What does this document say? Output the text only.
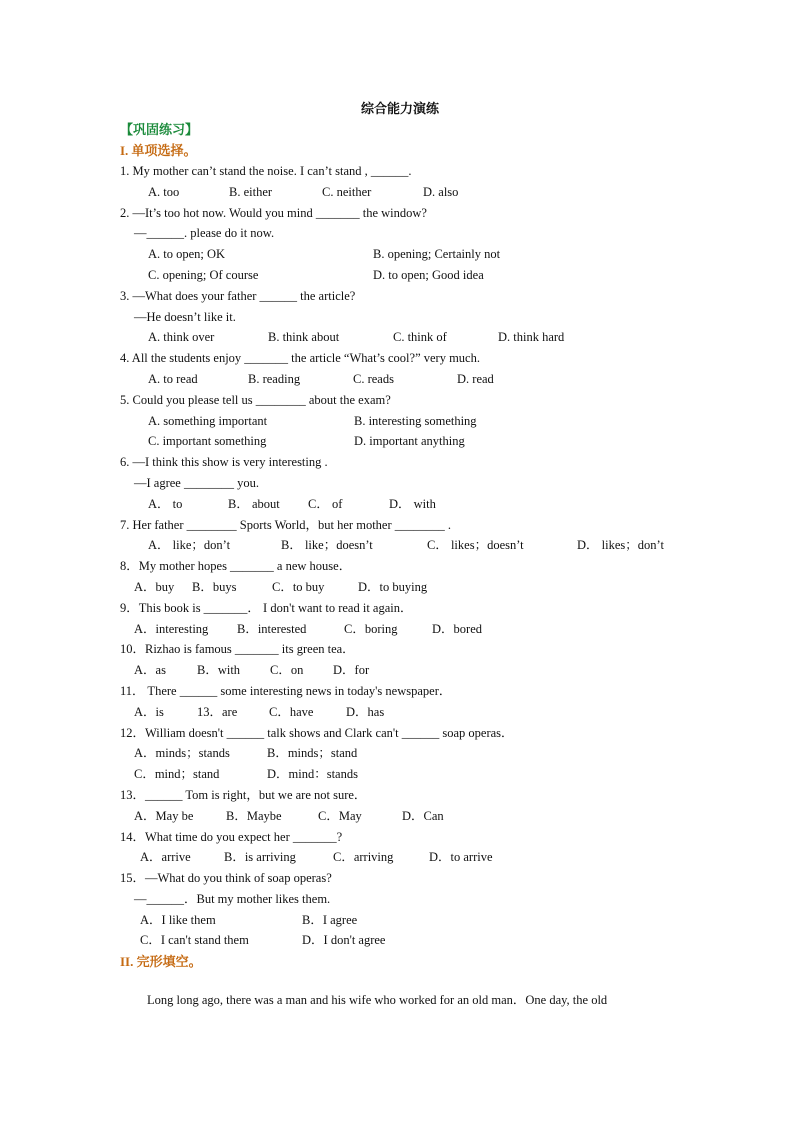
综合能力演练
【巩固练习】
I. 单项选择。
1. My mother can’t stand the noise. I can’t stand , ______.
A. too	B. either	C. neither	D. also
2. —It’s too hot now. Would you mind _______ the window?
—______. please do it now.
A. to open; OK	B. opening; Certainly not
C. opening; Of course	D. to open; Good idea
3. —What does your father ______ the article?
—He doesn’t like it.
A. think over	B. think about	C. think of	D. think hard
4. All the students enjoy _______ the article “What’s cool?” very much.
A. to read	B. reading	C. reads	D. read
5. Could you please tell us ________ about the exam?
A. something important	B. interesting something
C. important something	D. important anything
6. —I think this show is very interesting .
—I agree ________ you.
A． to	B． about	C． of	D． with
7. Her father ________ Sports World，but her mother ________ .
A． like；don’t	B． like；doesn’t	C． likes；doesn’t	D． likes；don’t
8．My mother hopes _______ a new house．
A．buy	B．buys	C．to buy	D．to buying
9．This book is _______． I don't want to read it again．
A．interesting	B．interested	C．boring	D．bored
10．Rizhao is famous _______ its green tea．
A．as	B．with	C．on	D．for
11． There ______ some interesting news in today's newspaper．
A．is	13．are	C．have	D．has
12．William doesn't ______ talk shows and Clark can't ______ soap operas．
A．minds；stands	B．minds；stand
C．mind；stand	D．mind：stands
13．______ Tom is right，but we are not sure．
A．May be	B．Maybe	C．May	D．Can
14．What time do you expect her _______?
A．arrive	B．is arriving	C．arriving	D．to arrive
15．—What do you think of soap operas?
—______．But my mother likes them.
A．I like them	B．I agree
C．I can't stand them	D．I don't agree
II. 完形填空。
Long long ago, there was a man and his wife who worked for an old man．One day, the old
